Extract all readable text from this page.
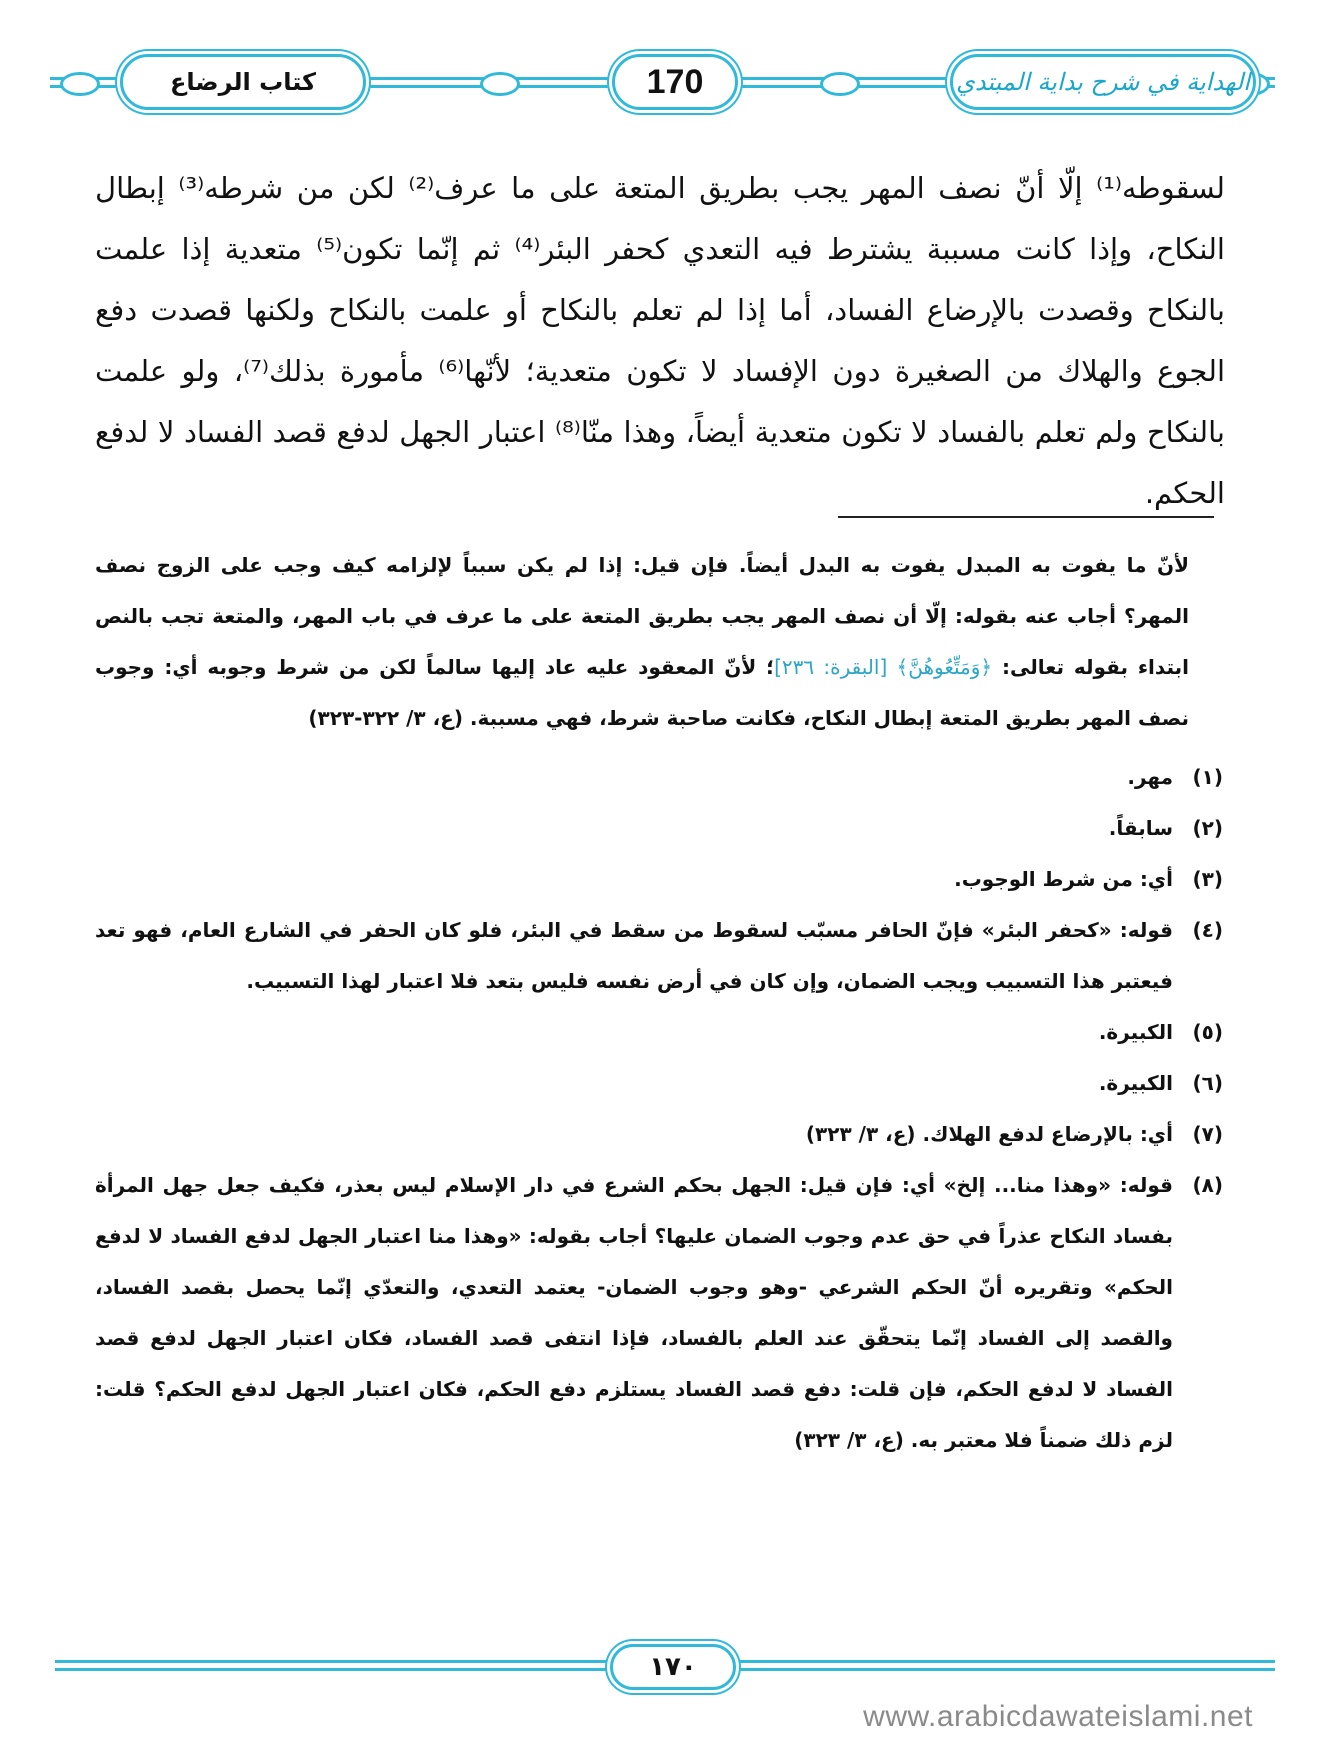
كتاب الرضاع	170	الهداية في شرح بداية المبتدي

لسقوطه⁽¹⁾ إلّا أنّ نصف المهر يجب بطريق المتعة على ما عرف⁽²⁾ لكن من شرطه⁽³⁾ إبطال النكاح، وإذا كانت مسببة يشترط فيه التعدي كحفر البئر⁽⁴⁾ ثم إنّما تكون⁽⁵⁾ متعدية إذا علمت بالنكاح وقصدت بالإرضاع الفساد، أما إذا لم تعلم بالنكاح أو علمت بالنكاح ولكنها قصدت دفع الجوع والهلاك من الصغيرة دون الإفساد لا تكون متعدية؛ لأنّها⁽⁶⁾ مأمورة بذلك⁽⁷⁾، ولو علمت بالنكاح ولم تعلم بالفساد لا تكون متعدية أيضاً، وهذا منّا⁽⁸⁾ اعتبار الجهل لدفع قصد الفساد لا لدفع الحكم.

لأنّ ما يفوت به المبدل يفوت به البدل أيضاً. فإن قيل: إذا لم يكن سبباً لإلزامه كيف وجب على الزوج نصف المهر؟ أجاب عنه بقوله: إلّا أن نصف المهر يجب بطريق المتعة على ما عرف في باب المهر، والمتعة تجب بالنص ابتداء بقوله تعالى: ﴿وَمَتِّعُوهُنَّ﴾ [البقرة: ٢٣٦]؛ لأنّ المعقود عليه عاد إليها سالماً لكن من شرط وجوبه أي: وجوب نصف المهر بطريق المتعة إبطال النكاح، فكانت صاحبة شرط، فهي مسببة. (ع، ٣/ ٣٢٢-٣٢٣)

(١)
مهر.
(٢)
سابقاً.
(٣)
أي: من شرط الوجوب.
(٤)
قوله: «كحفر البئر» فإنّ الحافر مسبّب لسقوط من سقط في البئر، فلو كان الحفر في الشارع العام، فهو تعد فيعتبر هذا التسبيب ويجب الضمان، وإن كان في أرض نفسه فليس بتعد فلا اعتبار لهذا التسبيب.
(٥)
الكبيرة.
(٦)
الكبيرة.
(٧)
أي: بالإرضاع لدفع الهلاك. (ع، ٣/ ٣٢٣)
(٨)
قوله: «وهذا منا... إلخ» أي: فإن قيل: الجهل بحكم الشرع في دار الإسلام ليس بعذر، فكيف جعل جهل المرأة بفساد النكاح عذراً في حق عدم وجوب الضمان عليها؟ أجاب بقوله: «وهذا منا اعتبار الجهل لدفع الفساد لا لدفع الحكم» وتقريره أنّ الحكم الشرعي -وهو وجوب الضمان- يعتمد التعدي، والتعدّي إنّما يحصل بقصد الفساد، والقصد إلى الفساد إنّما يتحقّق عند العلم بالفساد، فإذا انتفى قصد الفساد، فكان اعتبار الجهل لدفع قصد الفساد لا لدفع الحكم، فإن قلت: دفع قصد الفساد يستلزم دفع الحكم، فكان اعتبار الجهل لدفع الحكم؟ قلت: لزم ذلك ضمناً فلا معتبر به. (ع، ٣/ ٣٢٣)
١٧٠
www.arabicdawateislami.net
